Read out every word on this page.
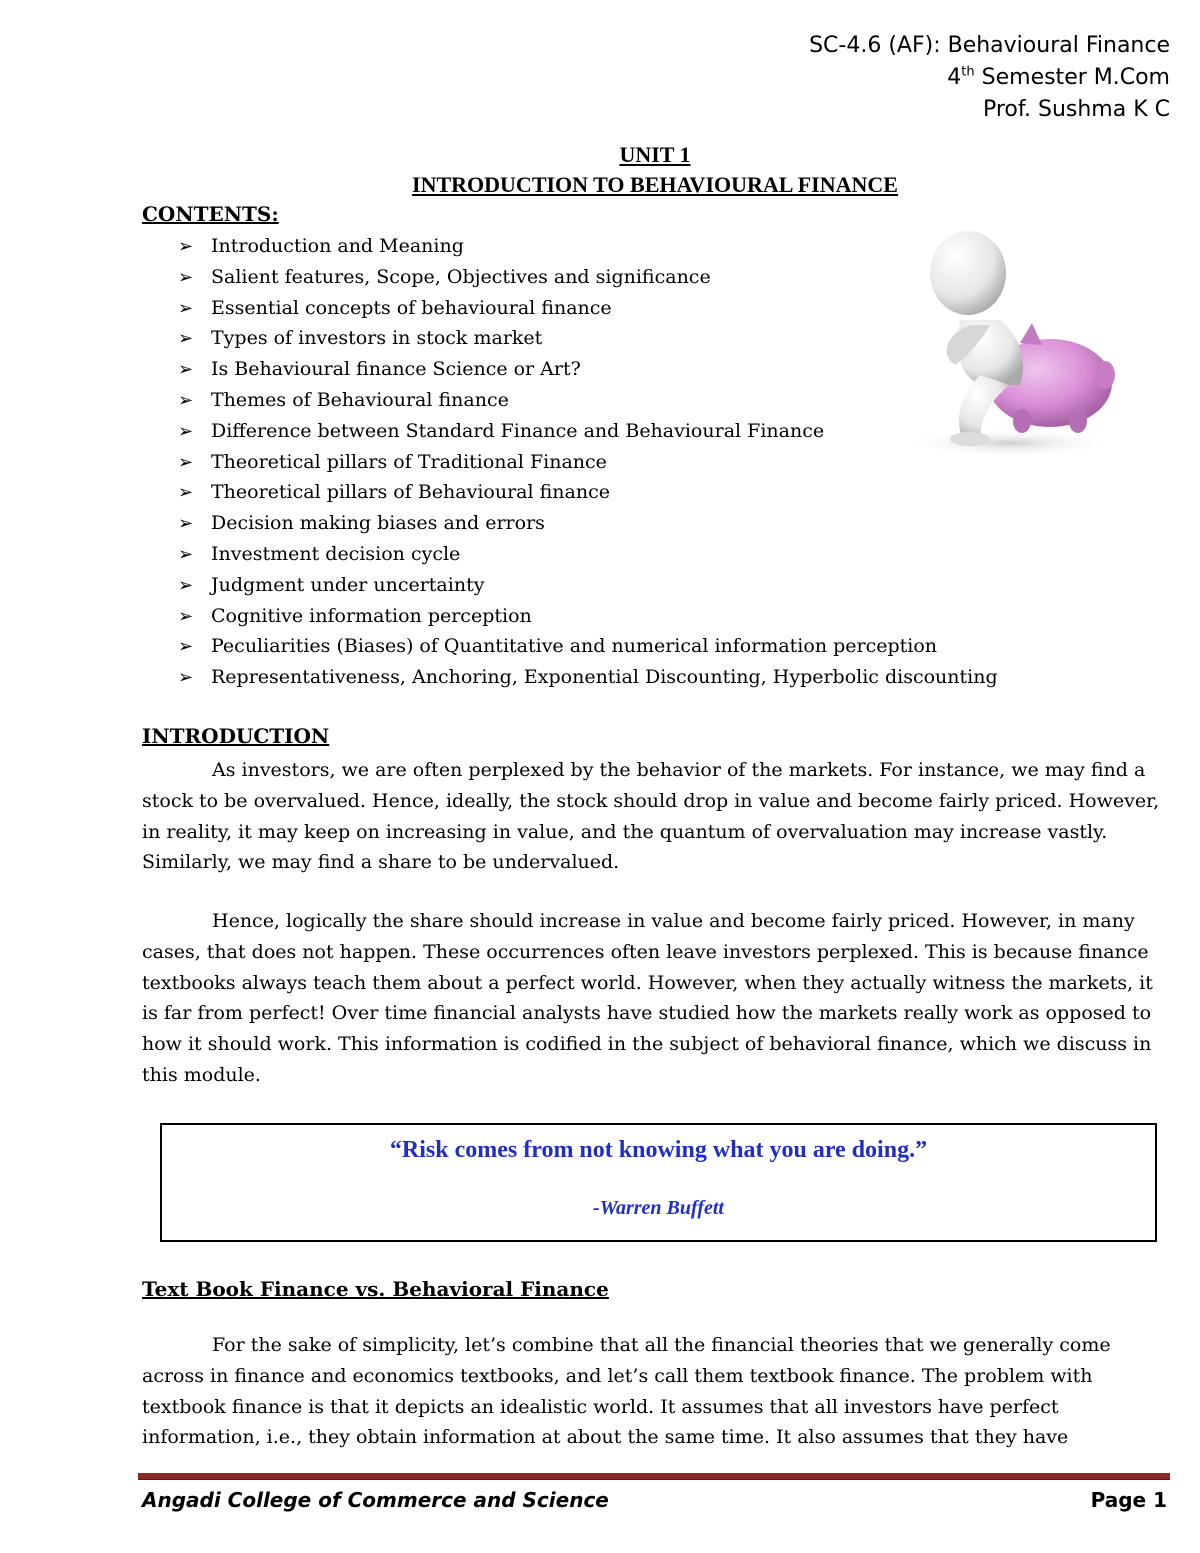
SC-4.6 (AF): Behavioural Finance
4th Semester M.Com
Prof. Sushma K C
UNIT 1
INTRODUCTION TO BEHAVIOURAL FINANCE
CONTENTS:
➢ Introduction and Meaning
➢ Salient features, Scope, Objectives and significance
➢ Essential concepts of behavioural finance
➢ Types of investors in stock market
➢ Is Behavioural finance Science or Art?
➢ Themes of Behavioural finance
➢ Difference between Standard Finance and Behavioural Finance
➢ Theoretical pillars of Traditional Finance
➢ Theoretical pillars of Behavioural finance
➢ Decision making biases and errors
➢ Investment decision cycle
➢ Judgment under uncertainty
➢ Cognitive information perception
➢ Peculiarities (Biases) of Quantitative and numerical information perception
➢ Representativeness, Anchoring, Exponential Discounting, Hyperbolic discounting
INTRODUCTION

As investors, we are often perplexed by the behavior of the markets. For instance, we may find a stock to be overvalued. Hence, ideally, the stock should drop in value and become fairly priced. However, in reality, it may keep on increasing in value, and the quantum of overvaluation may increase vastly. Similarly, we may find a share to be undervalued.

Hence, logically the share should increase in value and become fairly priced. However, in many cases, that does not happen. These occurrences often leave investors perplexed. This is because finance textbooks always teach them about a perfect world. However, when they actually witness the markets, it is far from perfect! Over time financial analysts have studied how the markets really work as opposed to how it should work. This information is codified in the subject of behavioral finance, which we discuss in this module.

“Risk comes from not knowing what you are doing.”
-Warren Buffett
Text Book Finance vs. Behavioral Finance

For the sake of simplicity, let’s combine that all the financial theories that we generally come across in finance and economics textbooks, and let’s call them textbook finance. The problem with textbook finance is that it depicts an idealistic world. It assumes that all investors have perfect information, i.e., they obtain information at about the same time. It also assumes that they have

Angadi College of Commerce and Science	Page 1
